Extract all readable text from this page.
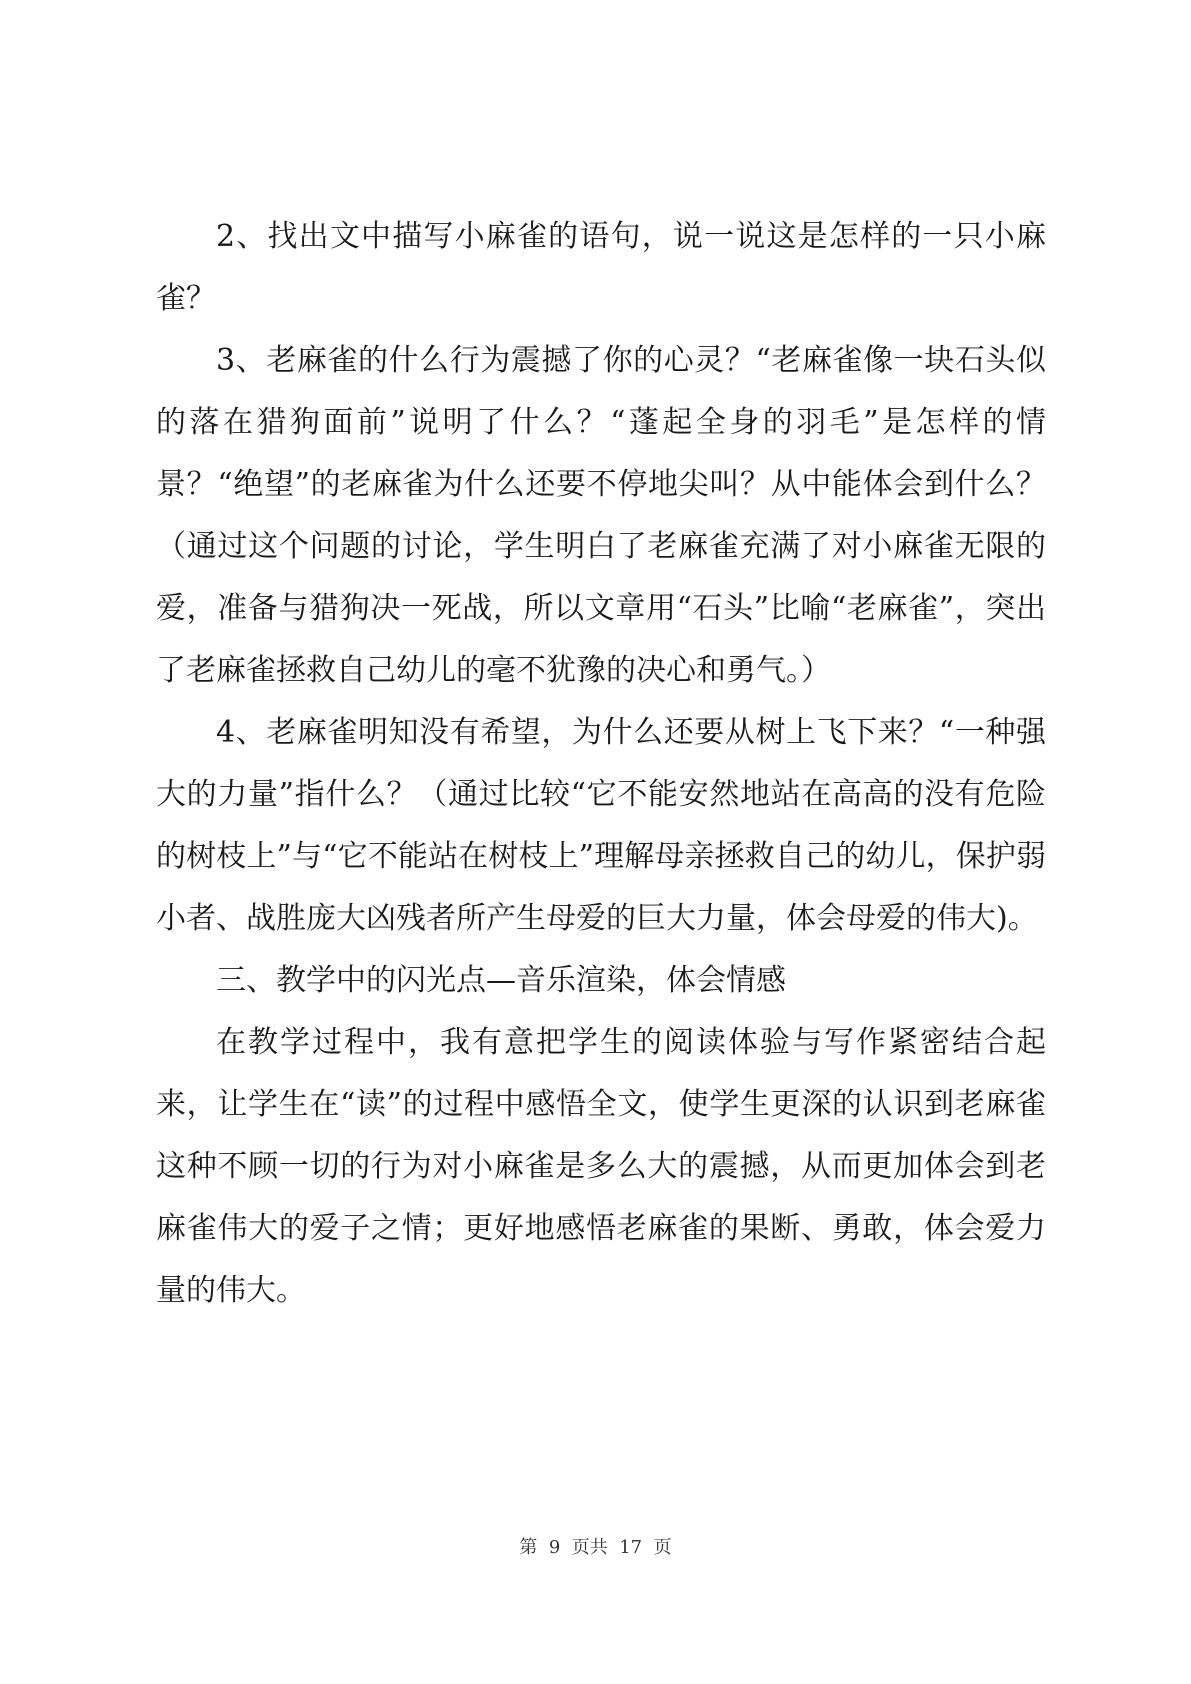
2、找出文中描写小麻雀的语句，说一说这是怎样的一只小麻雀？

3、老麻雀的什么行为震撼了你的心灵？“老麻雀像一块石头似的落在猎狗面前”说明了什么？“蓬起全身的羽毛”是怎样的情景？“绝望”的老麻雀为什么还要不停地尖叫？从中能体会到什么？（通过这个问题的讨论，学生明白了老麻雀充满了对小麻雀无限的爱，准备与猎狗决一死战，所以文章用“石头”比喻“老麻雀”，突出了老麻雀拯救自己幼儿的毫不犹豫的决心和勇气。）

4、老麻雀明知没有希望，为什么还要从树上飞下来？“一种强大的力量”指什么？（通过比较“它不能安然地站在高高的没有危险的树枝上”与“它不能站在树枝上”理解母亲拯救自己的幼儿，保护弱小者、战胜庞大凶残者所产生母爱的巨大力量，体会母爱的伟大)。

三、教学中的闪光点—音乐渲染，体会情感

在教学过程中，我有意把学生的阅读体验与写作紧密结合起来，让学生在“读”的过程中感悟全文，使学生更深的认识到老麻雀这种不顾一切的行为对小麻雀是多么大的震撼，从而更加体会到老麻雀伟大的爱子之情；更好地感悟老麻雀的果断、勇敢，体会爱力量的伟大。

第  9  页共  17  页
